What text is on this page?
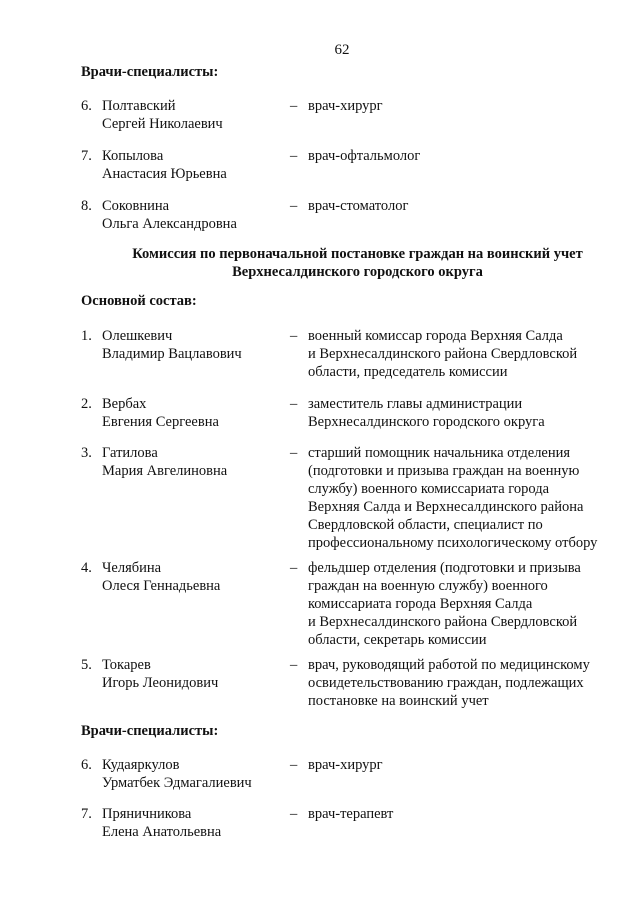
62
Врачи-специалисты:
6. Полтавский
Сергей Николаевич
– врач-хирург
7. Копылова
Анастасия Юрьевна
– врач-офтальмолог
8. Соковнина
Ольга Александровна
– врач-стоматолог
Комиссия по первоначальной постановке граждан на воинский учет
Верхнесалдинского городского округа
Основной состав:
1. Олешкевич
Владимир Вацлавович
– военный комиссар города Верхняя Салда
и Верхнесалдинского района Свердловской
области, председатель комиссии
2. Вербах
Евгения Сергеевна
– заместитель главы администрации
Верхнесалдинского городского округа
3. Гатилова
Мария Авгелиновна
– старший помощник начальника отделения
(подготовки и призыва граждан на военную
службу) военного комиссариата города
Верхняя Салда и Верхнесалдинского района
Свердловской области, специалист по
профессиональному психологическому отбору
4. Челябина
Олеся Геннадьевна
– фельдшер отделения (подготовки и призыва
граждан на военную службу) военного
комиссариата города Верхняя Салда
и Верхнесалдинского района Свердловской
области, секретарь комиссии
5. Токарев
Игорь Леонидович
– врач, руководящий работой по медицинскому
освидетельствованию граждан, подлежащих
постановке на воинский учет
Врачи-специалисты:
6. Кудаяркулов
Урматбек Эдмагалиевич
– врач-хирург
7. Пряничникова
Елена Анатольевна
– врач-терапевт
